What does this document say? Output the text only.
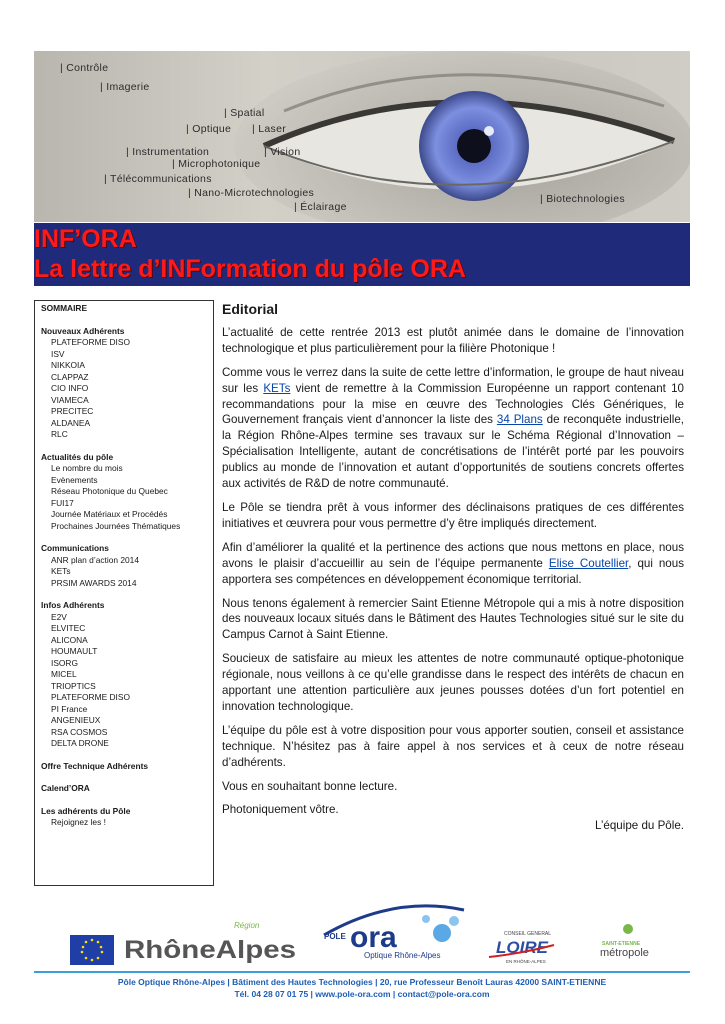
| Contrôle
| Imagerie
| Spatial
| Optique | Laser
| Instrumentation	| Vision
| Microphotonique
| Télécommunications
| Nano-Microtechnologies
| Éclairage
| Biotechnologies
INF’ORA
La lettre d’INFormation du pôle ORA
SOMMAIRE
Nouveaux Adhérents
PLATEFORME DISO
ISV
NIKKOIA
CLAPPAZ
CIO INFO
VIAMECA
PRECITEC
ALDANEA
RLC
Actualités du pôle
Le nombre du mois
Evènements
Réseau Photonique du Quebec
FUI17
Journée Matériaux et Procédés
Prochaines Journées Thématiques
Communications
ANR plan d’action 2014
KETs
PRSIM AWARDS 2014
Infos Adhérents
E2V
ELVITEC
ALICONA
HOUMAULT
ISORG
MICEL
TRIOPTICS
PLATEFORME DISO
PI France
ANGENIEUX
RSA COSMOS
DELTA DRONE
Offre Technique Adhérents
Calend’ORA
Les adhérents du Pôle
Rejoignez les !
Editorial

L’actualité de cette rentrée 2013 est plutôt animée dans le domaine de l’innovation technologique et plus particulièrement pour la filière Photonique !

Comme vous le verrez dans la suite de cette lettre d’information, le groupe de haut niveau sur les KETs vient de remettre à la Commission Européenne un rapport contenant 10 recommandations pour la mise en œuvre des Technologies Clés Génériques, le Gouvernement français vient d’annoncer la liste des 34 Plans de reconquête industrielle, la Région Rhône-Alpes termine ses travaux sur le Schéma Régional d’Innovation – Spécialisation Intelligente, autant de concrétisations de l’intérêt porté par les pouvoirs publics au monde de l’innovation et autant d’opportunités de soutiens concrets offertes aux activités de R&D de notre communauté.

Le Pôle se tiendra prêt à vous informer des déclinaisons pratiques de ces différentes initiatives et œuvrera pour vous permettre d’y être impliqués directement.

Afin d’améliorer la qualité et la pertinence des actions que nous mettons en place, nous avons le plaisir d’accueillir au sein de l’équipe permanente Elise Coutellier, qui nous apportera ses compétences en développement économique territorial.

Nous tenons également à remercier Saint Etienne Métropole qui a mis à notre disposition des nouveaux locaux situés dans le Bâtiment des Hautes Technologies situé sur le site du Campus Carnot à Saint Etienne.

Soucieux de satisfaire au mieux les attentes de notre communauté optique-photonique régionale, nous veillons à ce qu’elle grandisse dans le respect des intérêts de chacun en apportant une attention particulière aux jeunes pousses dotées d’un fort potentiel en innovation technologique.

L’équipe du pôle est à votre disposition pour vous apporter soutien, conseil et assistance technique. N’hésitez pas à faire appel à nos services et à ceux de notre réseau d’adhérents.

Vous en souhaitant bonne lecture.

Photoniquement vôtre.

L’équipe du Pôle.

Région
RhôneAlpes	POLE ora
Optique Rhône-Alpes
CONSEIL GENERAL
LOIRE
EN RHÔNE-ALPES
SAINT-ETIENNE
métropole
Pôle Optique Rhône-Alpes | Bâtiment des Hautes Technologies | 20, rue Professeur Benoît Lauras 42000 SAINT-ETIENNE
Tél. 04 28 07 01 75 | www.pole-ora.com | contact@pole-ora.com
